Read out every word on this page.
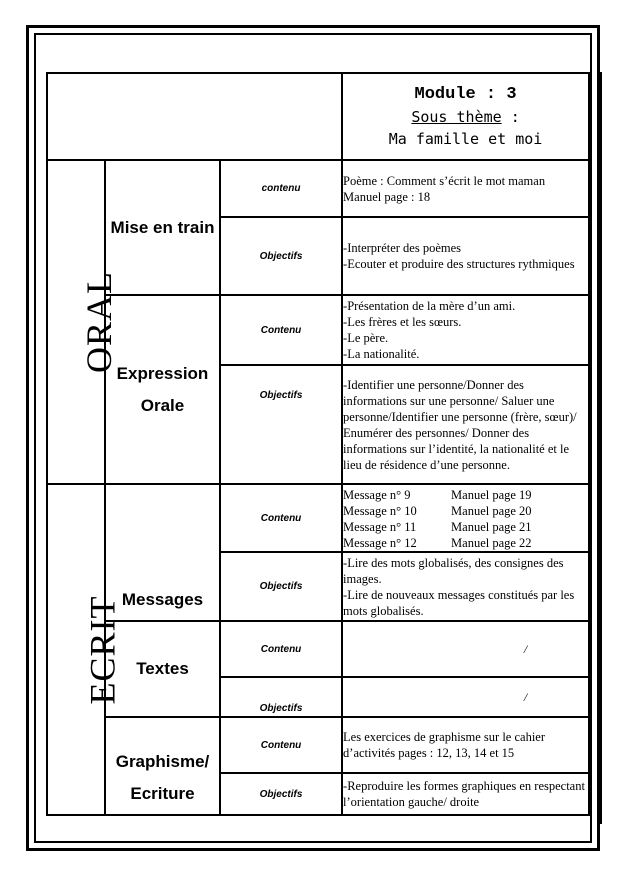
			Module : 3
Sous thème :
Ma famille et moi

ORAL	Mise en train	contenu	Poème : Comment s’écrit le mot maman
Manuel page : 18

		Objectifs	-Interpréter des poèmes
-Ecouter et produire des structures rythmiques

	Expression Orale	Contenu	-Présentation de la mère d’un ami.
-Les frères et les sœurs.
-Le père.
-La nationalité.

		Objectifs	-Identifier une personne/Donner des informations sur une personne/ Saluer une personne/Identifier une personne (frère, sœur)/ Enumérer des personnes/ Donner des informations sur l’identité, la nationalité et le lieu de résidence d’une personne.

ECRIT	Messages	Contenu	Message n° 9 Manuel page 19
Message n° 10 Manuel page 20
Message n° 11 Manuel page 21
Message n° 12 Manuel page 22

		Objectifs	-Lire des mots globalisés, des consignes des images.
-Lire de nouveaux messages constitués par les mots globalisés.

	Textes	Contenu	/

		Objectifs	/

	Graphisme/ Ecriture	Contenu	Les exercices de graphisme sur le cahier d’activités pages : 12, 13, 14 et 15

		Objectifs	-Reproduire les formes graphiques en respectant l’orientation gauche/ droite
